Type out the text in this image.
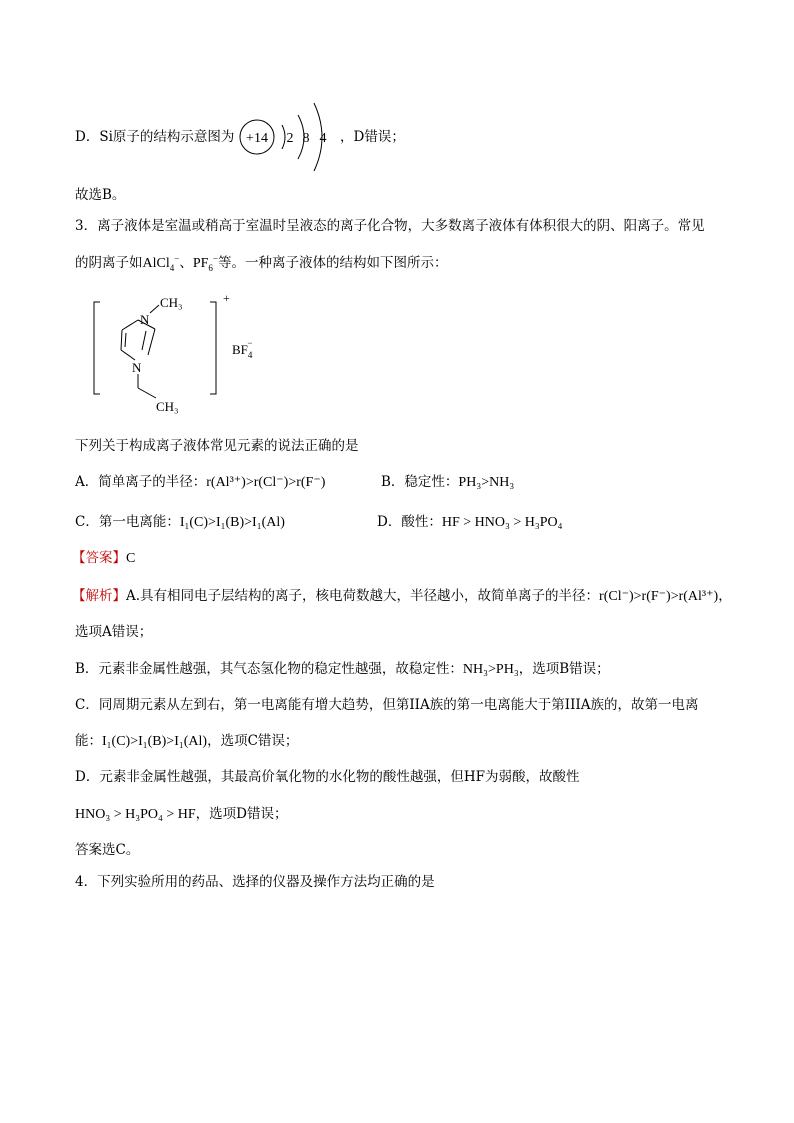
D．Si原子的结构示意图为 +14 2 8 4 ，D错误；
故选B。
3．离子液体是室温或稍高于室温时呈液态的离子化合物，大多数离子液体有体积很大的阴、阳离子。常见
的阴离子如AlCl$_4$−、$PF_6^-$等。一种离子液体的结构如下图所示：
N
CH₃
N
CH₃
+
$BF_4-$
下列关于构成离子液体常见元素的说法正确的是
A．简单离子的半径：r(Al³⁺)>r(Cl⁻)>r(F⁻)	B．稳定性：PH₃>NH₃
C．第一电离能：I₁(C)>I₁(B)>I₁(Al)	D．酸性：HF > HNO₃ > H₃PO₄
【答案】C
【解析】A.具有相同电子层结构的离子，核电荷数越大，半径越小，故简单离子的半径：r(Cl⁻)>r(F⁻)>r(Al³⁺)，
选项A错误；
B．元素非金属性越强，其气态氢化物的稳定性越强，故稳定性：NH₃>PH₃，选项B错误；
C．同周期元素从左到右，第一电离能有增大趋势，但第IIA族的第一电离能大于第IIIA族的，故第一电离
能：I₁(C)>I₁(B)>I₁(Al)，选项C错误；
D．元素非金属性越强，其最高价氧化物的水化物的酸性越强，但HF为弱酸，故酸性
HNO₃ > H₃PO₄ > HF，选项D错误；
答案选C。
4．下列实验所用的药品、选择的仪器及操作方法均正确的是
